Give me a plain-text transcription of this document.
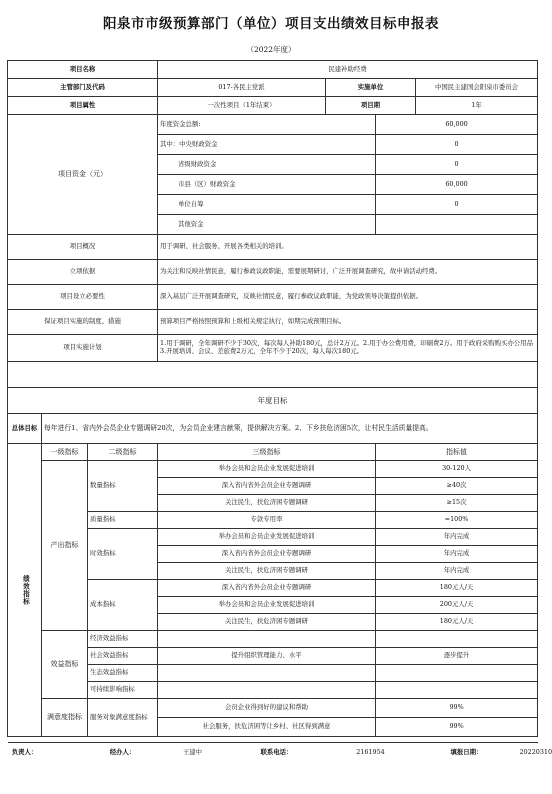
阳泉市市级预算部门（单位）项目支出绩效目标申报表
（2022年度）
项目名称			民建补助经费					
主管部门及代码			017-各民主党派		实施单位		中国民主建国会阳泉市委员会	
项目属性			一次性项目（1年结束）		项目期		1年	
项目资金（元）			年度资金总额:			60,000		
			其中：中央财政资金			0		
			省级财政资金			0		
			市县（区）财政资金			60,000		
			单位自筹			0		
			其他资金					
项目概况			用于调研、社会服务、开展各类相关的培训。					
立项依据			为关注和反映社情民意，履行参政议政职能，需要展期研讨，广泛开展调查研究，故申请活动经费。					
项目设立必要性			深入基层广泛开展调查研究，反映社情民意，履行参政议政职能，为党政领导决策提供依据。					
保证项目实施的制度、措施			预算项目严格按照预算和上级相关规定执行，如期完成预期目标。					
项目实施计划			1.用于调研，全年调研不少于30次，每次每人补助180元，总计2万元。2.用于办公费用费，印刷费2万。用于政府采购购买办公用品3.开展培训、会议、差旅费2万元，全年不少于20次，每人每次180元。					

年度目标								
总体目标	每年进行1、省内外会员企业专题调研20次，为会员企业建言献策，提供解决方案。2、下乡扶危济困5次，让村民生活质量提高。							
绩效指标	一级指标	二级指标	三级指标			指标值		
	产出指标	数量指标	举办会员和会员企业发展促进培训			30-120人		
			深入省内省外会员企业专题调研			≥40次		
			关注民生，扶危济困专题调研			≥15次		
		质量指标	专款专用率			=100%		
		时效指标	举办会员和会员企业发展促进培训			年内完成		
			深入省内省外会员企业专题调研			年内完成		
			关注民生，扶危济困专题调研			年内完成		
		成本指标	深入省内省外会员企业专题调研			180元人/天		
			举办会员和会员企业发展促进培训			200元人/天		
			关注民生，扶危济困专题调研			180元人/天		
	效益指标	经济效益指标						
		社会效益指标	提升组织管理能力、水平			逐步提升		
		生态效益指标						
		可持续影响指标						
	满意度指标	服务对象满意度指标	会员企业得到好的建议和帮助			99%		
			社会服务，扶危济困等让乡村、社区得到满意			99%		

负责人：		经办人：	王建中	联系电话：	2161954		填报日期：	20220310
